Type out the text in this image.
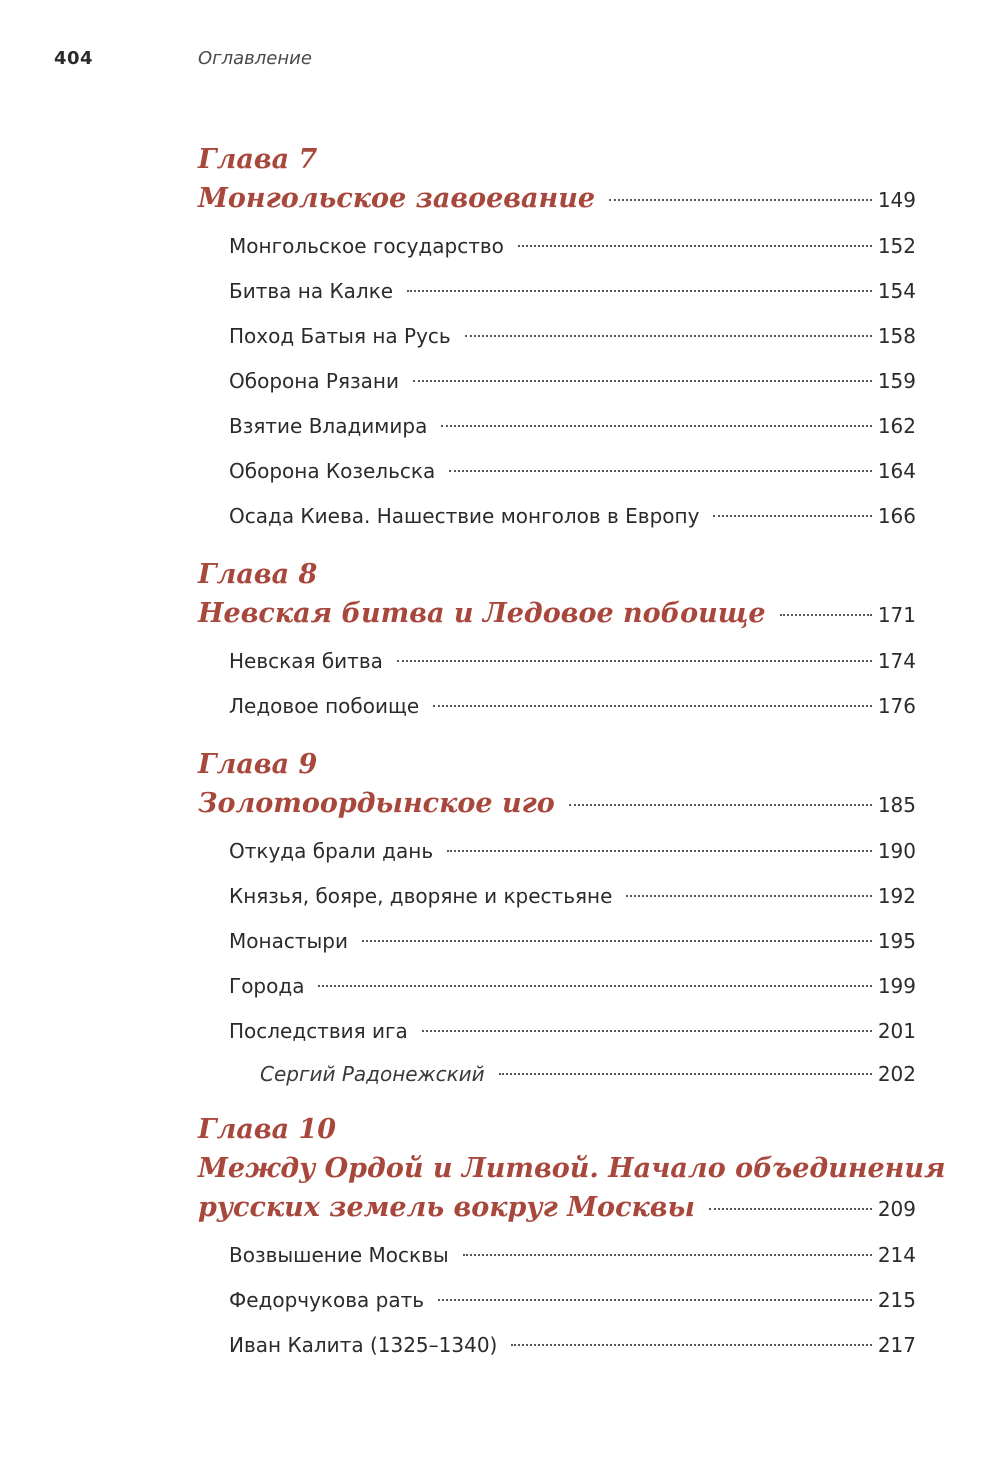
404	Оглавление
Глава 7
Монгольское завоевание	149
Монгольское государство	152
Битва на Калке	154
Поход Батыя на Русь	158
Оборона Рязани	159
Взятие Владимира	162
Оборона Козельска	164
Осада Киева. Нашествие монголов в Европу	166
Глава 8
Невская битва и Ледовое побоище	171
Невская битва	174
Ледовое побоище	176
Глава 9
Золотоордынское иго	185
Откуда брали дань	190
Князья, бояре, дворяне и крестьяне	192
Монастыри	195
Города	199
Последствия ига	201
Сергий Радонежский	202
Глава 10
Между Ордой и Литвой. Начало объединения
русских земель вокруг Москвы	209
Возвышение Москвы	214
Федорчукова рать	215
Иван Калита (1325–1340)	217
